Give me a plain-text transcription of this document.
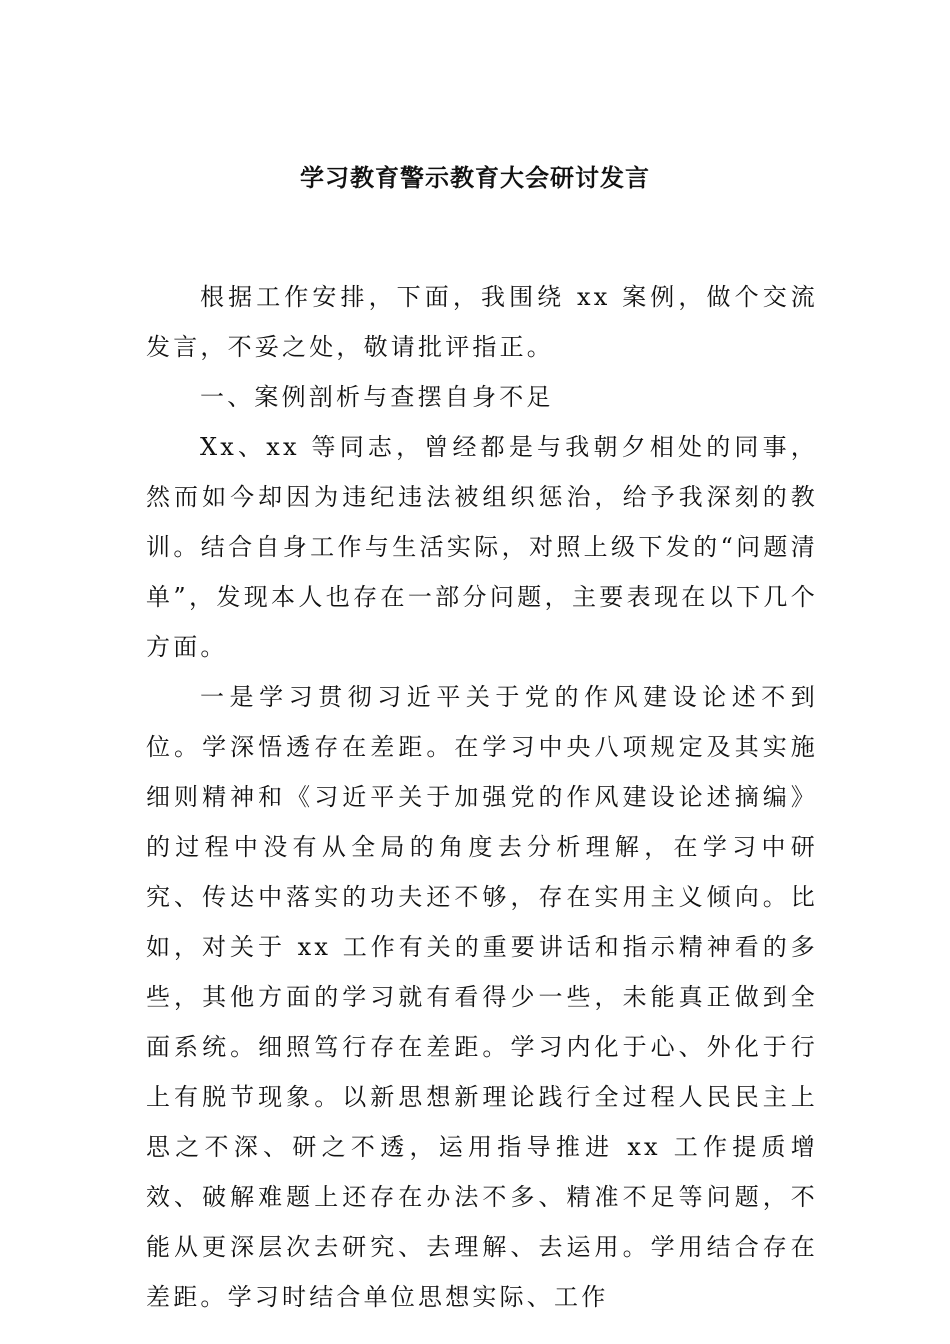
学习教育警示教育大会研讨发言

根据工作安排，下面，我围绕 xx 案例，做个交流发言，不妥之处，敬请批评指正。

一、案例剖析与查摆自身不足

Xx、xx 等同志，曾经都是与我朝夕相处的同事，然而如今却因为违纪违法被组织惩治，给予我深刻的教训。结合自身工作与生活实际，对照上级下发的“问题清单”，发现本人也存在一部分问题，主要表现在以下几个方面。

一是学习贯彻习近平关于党的作风建设论述不到位。学深悟透存在差距。在学习中央八项规定及其实施细则精神和《习近平关于加强党的作风建设论述摘编》的过程中没有从全局的角度去分析理解，在学习中研究、传达中落实的功夫还不够，存在实用主义倾向。比如，对关于 xx 工作有关的重要讲话和指示精神看的多些，其他方面的学习就有看得少一些，未能真正做到全面系统。细照笃行存在差距。学习内化于心、外化于行上有脱节现象。以新思想新理论践行全过程人民民主上思之不深、研之不透，运用指导推进 xx 工作提质增效、破解难题上还存在办法不多、精准不足等问题，不能从更深层次去研究、去理解、去运用。学用结合存在差距。学习时结合单位思想实际、工作
